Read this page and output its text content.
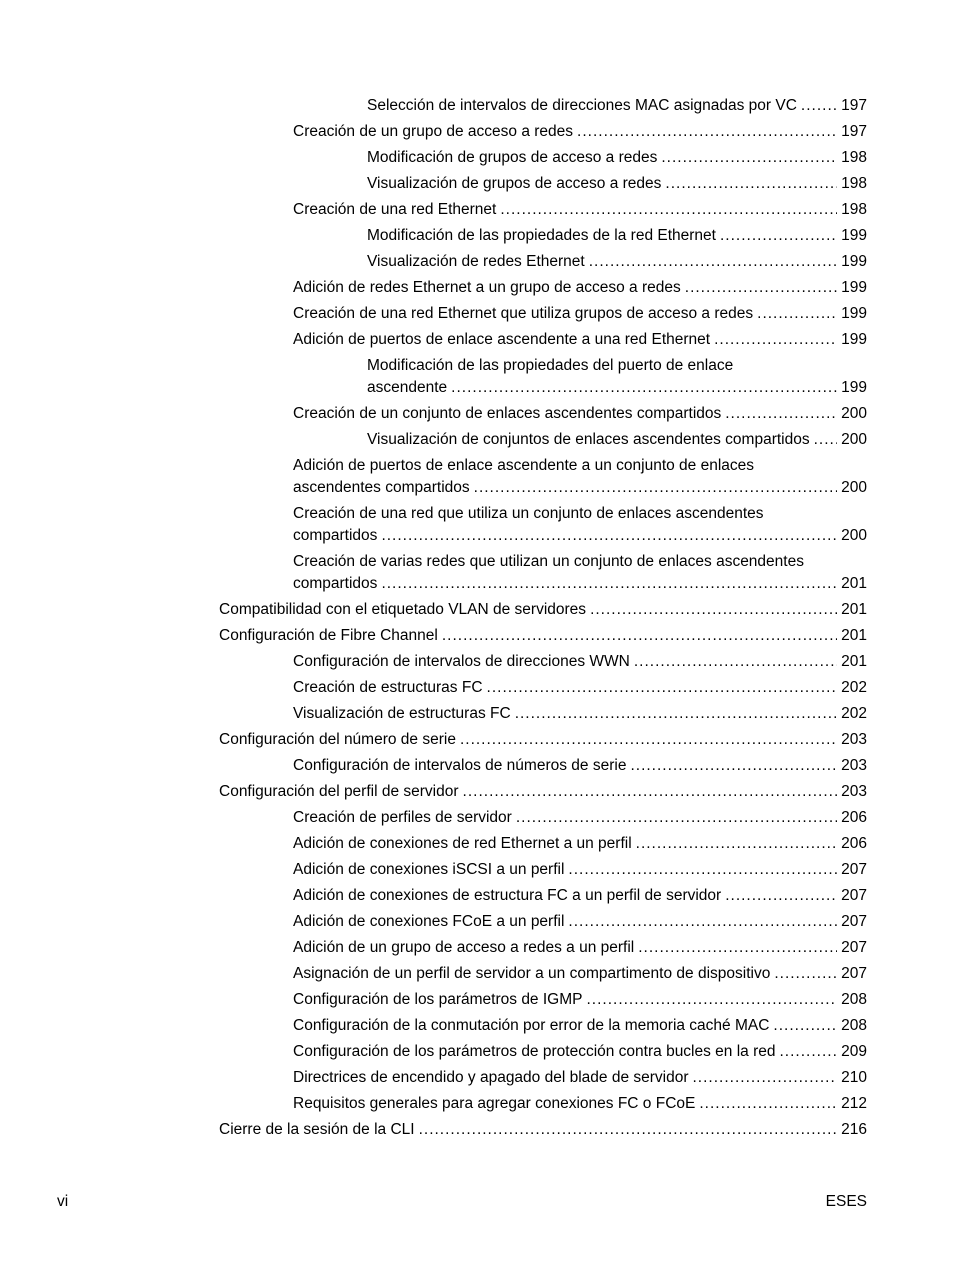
Selección de intervalos de direcciones MAC asignadas por VC .....	197
Creación de un grupo de acceso a redes .....	197
Modificación de grupos de acceso a redes .....	198
Visualización de grupos de acceso a redes .....	198
Creación de una red Ethernet .....	198
Modificación de las propiedades de la red Ethernet .....	199
Visualización de redes Ethernet .....	199
Adición de redes Ethernet a un grupo de acceso a redes .....	199
Creación de una red Ethernet que utiliza grupos de acceso a redes .....	199
Adición de puertos de enlace ascendente a una red Ethernet .....	199
Modificación de las propiedades del puerto de enlace
ascendente .....	199
Creación de un conjunto de enlaces ascendentes compartidos .....	200
Visualización de conjuntos de enlaces ascendentes compartidos ..... 200
Adición de puertos de enlace ascendente a un conjunto de enlaces
ascendentes compartidos .....	200
Creación de una red que utiliza un conjunto de enlaces ascendentes
compartidos .....	200
Creación de varias redes que utilizan un conjunto de enlaces ascendentes
compartidos .....	201
Compatibilidad con el etiquetado VLAN de servidores .....	201
Configuración de Fibre Channel .....	201
Configuración de intervalos de direcciones WWN .....	201
Creación de estructuras FC .....	202
Visualización de estructuras FC .....	202
Configuración del número de serie .....	203
Configuración de intervalos de números de serie .....	203
Configuración del perfil de servidor .....	203
Creación de perfiles de servidor .....	206
Adición de conexiones de red Ethernet a un perfil .....	206
Adición de conexiones iSCSI a un perfil .....	207
Adición de conexiones de estructura FC a un perfil de servidor .....	207
Adición de conexiones FCoE a un perfil .....	207
Adición de un grupo de acceso a redes a un perfil .....	207
Asignación de un perfil de servidor a un compartimento de dispositivo .....	207
Configuración de los parámetros de IGMP .....	208
Configuración de la conmutación por error de la memoria caché MAC .....	208
Configuración de los parámetros de protección contra bucles en la red .....	209
Directrices de encendido y apagado del blade de servidor .....	210
Requisitos generales para agregar conexiones FC o FCoE .....	212
Cierre de la sesión de la CLI .....	216
vi	ESES
